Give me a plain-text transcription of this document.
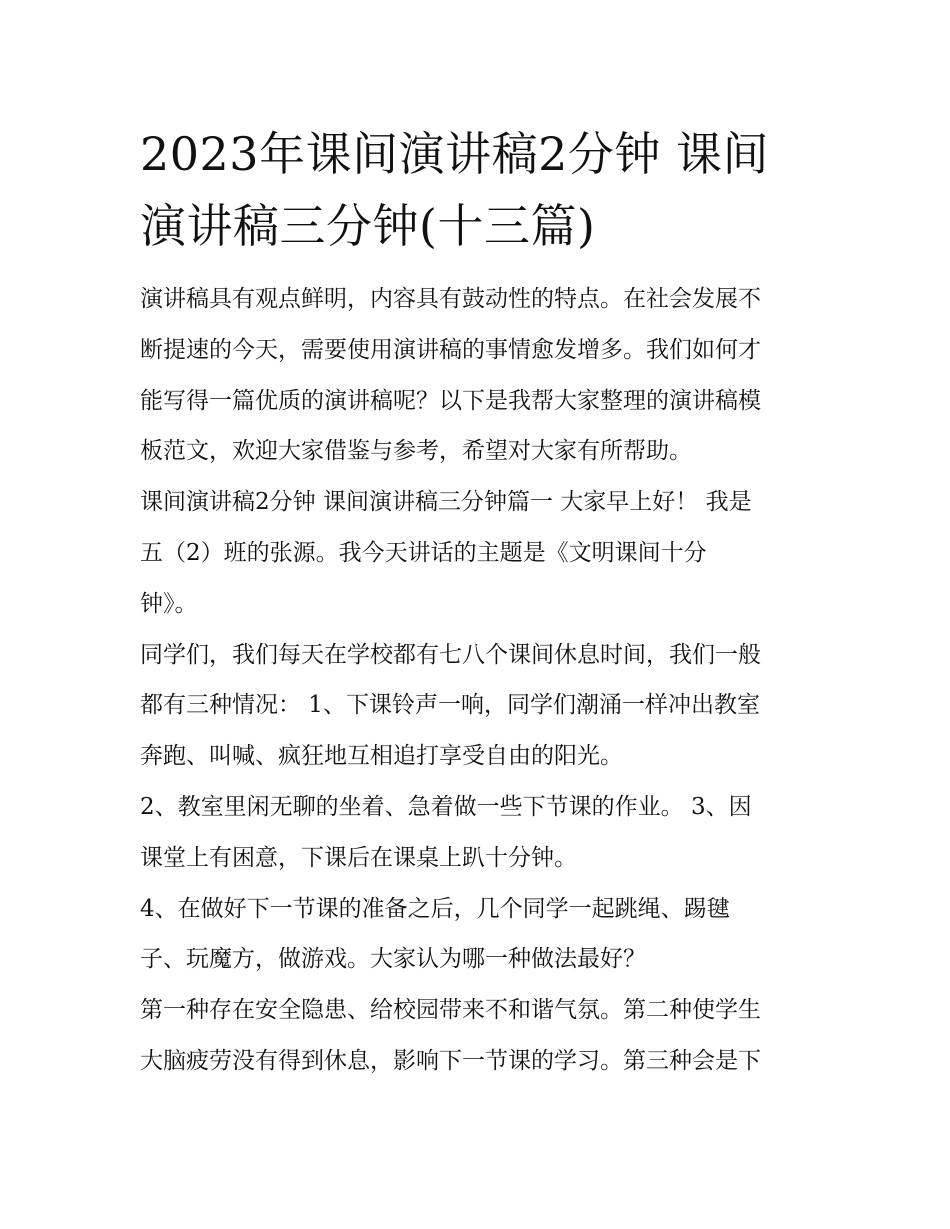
2023年课间演讲稿2分钟 课间
演讲稿三分钟(十三篇)
演讲稿具有观点鲜明，内容具有鼓动性的特点。在社会发展不
断提速的今天，需要使用演讲稿的事情愈发增多。我们如何才
能写得一篇优质的演讲稿呢？以下是我帮大家整理的演讲稿模
板范文，欢迎大家借鉴与参考，希望对大家有所帮助。
课间演讲稿2分钟 课间演讲稿三分钟篇一 大家早上好！ 我是
五（2）班的张源。我今天讲话的主题是《文明课间十分
钟》。
同学们，我们每天在学校都有七八个课间休息时间，我们一般
都有三种情况： 1、下课铃声一响，同学们潮涌一样冲出教室
奔跑、叫喊、疯狂地互相追打享受自由的阳光。
2、教室里闲无聊的坐着、急着做一些下节课的作业。 3、因
课堂上有困意，下课后在课桌上趴十分钟。
4、在做好下一节课的准备之后，几个同学一起跳绳、踢毽
子、玩魔方，做游戏。大家认为哪一种做法最好？
第一种存在安全隐患、给校园带来不和谐气氛。第二种使学生
大脑疲劳没有得到休息，影响下一节课的学习。第三种会是下
